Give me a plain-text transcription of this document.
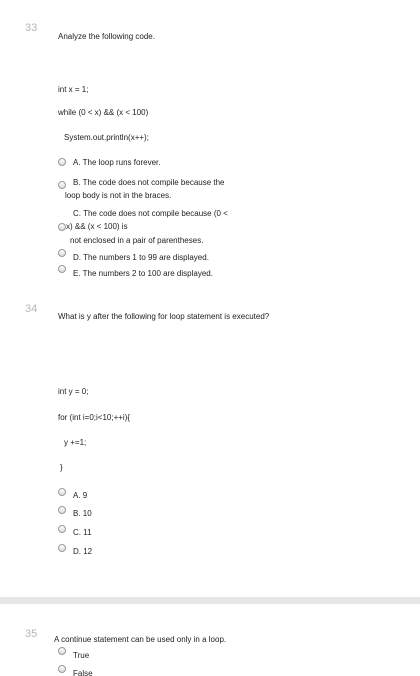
33
Analyze the following code.
int x = 1;
while (0 < x) && (x < 100)
System.out.println(x++);
A. The loop runs forever.
B. The code does not compile because the
loop body is not in the braces.
C. The code does not compile because (0 <
x) && (x < 100) is
not enclosed in a pair of parentheses.
D. The numbers 1 to 99 are displayed.
E. The numbers 2 to 100 are displayed.
34
What is y after the following for loop statement is executed?
int y = 0;
for (int i=0;i<10;++i){
y +=1;
}
A. 9
B. 10
C. 11
D. 12
35 A continue statement can be used only in a loop.
True
False
